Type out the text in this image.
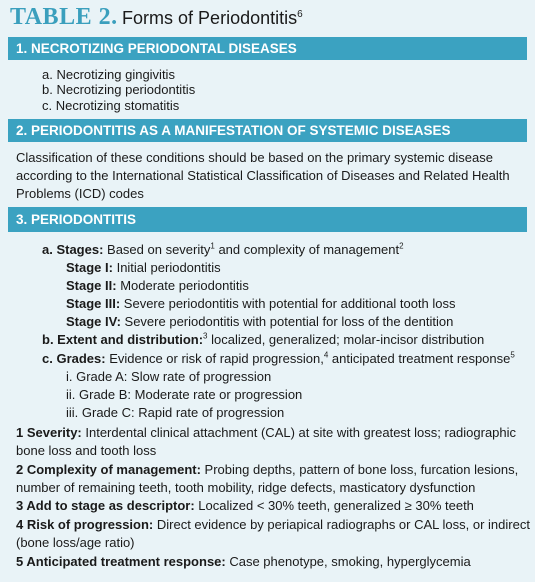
TABLE 2. Forms of Periodontitis$^6$
1. NECROTIZING PERIODONTAL DISEASES
a. Necrotizing gingivitis
b. Necrotizing periodontitis
c. Necrotizing stomatitis
2. PERIODONTITIS AS A MANIFESTATION OF SYSTEMIC DISEASES
Classification of these conditions should be based on the primary systemic disease
according to the International Statistical Classification of Diseases and Related Health
Problems (ICD) codes
3. PERIODONTITIS
a. Stages: Based on severity$^1$ and complexity of management$^2$
Stage I: Initial periodontitis
Stage II: Moderate periodontitis
Stage III: Severe periodontitis with potential for additional tooth loss
Stage IV: Severe periodontitis with potential for loss of the dentition
b. Extent and distribution:$^3$ localized, generalized; molar-incisor distribution
c. Grades: Evidence or risk of rapid progression,$^4$ anticipated treatment response$^5$
i. Grade A: Slow rate of progression
ii. Grade B: Moderate rate or progression
iii. Grade C: Rapid rate of progression
1 Severity: Interdental clinical attachment (CAL) at site with greatest loss; radiographic
bone loss and tooth loss
2 Complexity of management: Probing depths, pattern of bone loss, furcation lesions,
number of remaining teeth, tooth mobility, ridge defects, masticatory dysfunction
3 Add to stage as descriptor: Localized < 30% teeth, generalized ≥ 30% teeth
4 Risk of progression: Direct evidence by periapical radiographs or CAL loss, or indirect
(bone loss/age ratio)
5 Anticipated treatment response: Case phenotype, smoking, hyperglycemia
